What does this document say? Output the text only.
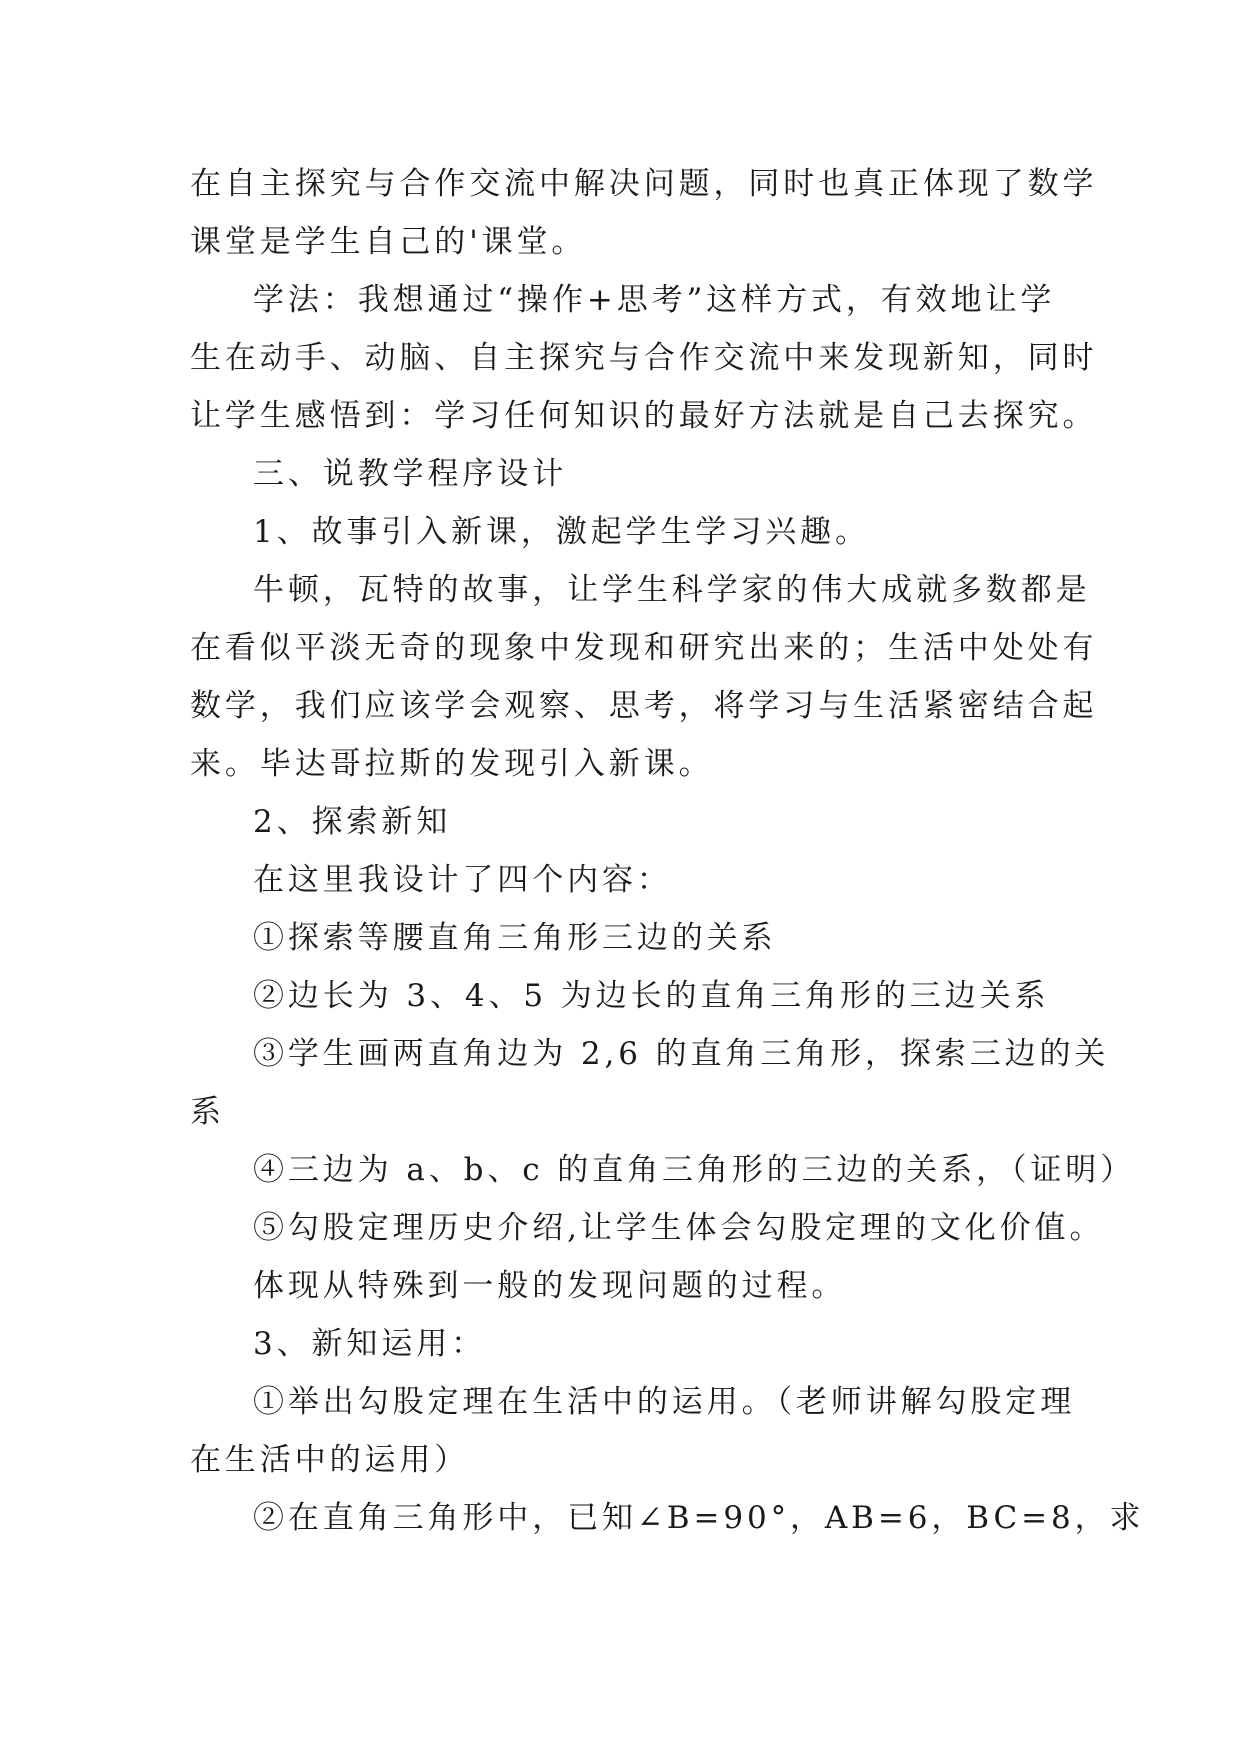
在自主探究与合作交流中解决问题，同时也真正体现了数学
课堂是学生自己的'课堂。
学法：我想通过“操作+思考”这样方式，有效地让学
生在动手、动脑、自主探究与合作交流中来发现新知，同时
让学生感悟到：学习任何知识的最好方法就是自己去探究。
三、说教学程序设计
1、故事引入新课，激起学生学习兴趣。
牛顿，瓦特的故事，让学生科学家的伟大成就多数都是
在看似平淡无奇的现象中发现和研究出来的；生活中处处有
数学，我们应该学会观察、思考，将学习与生活紧密结合起
来。毕达哥拉斯的发现引入新课。
2、探索新知
在这里我设计了四个内容：
①探索等腰直角三角形三边的关系
②边长为 3、4、5 为边长的直角三角形的三边关系
③学生画两直角边为 2,6 的直角三角形，探索三边的关
系
④三边为 a、b、c 的直角三角形的三边的关系，（证明）
⑤勾股定理历史介绍,让学生体会勾股定理的文化价值。
体现从特殊到一般的发现问题的过程。
3、新知运用：
①举出勾股定理在生活中的运用。（老师讲解勾股定理
在生活中的运用）
②在直角三角形中，已知∠B=90°，AB=6，BC=8，求
